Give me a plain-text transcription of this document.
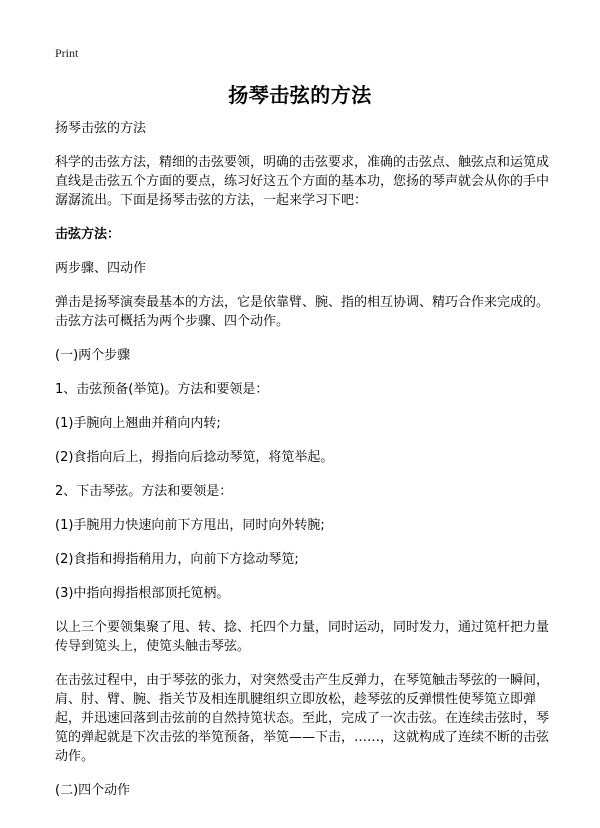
Print
扬琴击弦的方法

扬琴击弦的方法

科学的击弦方法，精细的击弦要领，明确的击弦要求，准确的击弦点、触弦点和运笕成直线是击弦五个方面的要点，练习好这五个方面的基本功，您扬的琴声就会从你的手中潺潺流出。下面是扬琴击弦的方法，一起来学习下吧：

击弦方法：

两步骤、四动作

弹击是扬琴演奏最基本的方法，它是依靠臂、腕、指的相互协调、精巧合作来完成的。击弦方法可概括为两个步骤、四个动作。

(一)两个步骤

1、击弦预备(举笕)。方法和要领是：

(1)手腕向上翘曲并稍向内转;

(2)食指向后上，拇指向后捻动琴笕，将笕举起。

2、下击琴弦。方法和要领是：

(1)手腕用力快速向前下方甩出，同时向外转腕;

(2)食指和拇指稍用力，向前下方捻动琴笕;

(3)中指向拇指根部顶托笕柄。

以上三个要领集聚了甩、转、捻、托四个力量，同时运动，同时发力，通过笕杆把力量传导到笕头上，使笕头触击琴弦。

在击弦过程中，由于琴弦的张力，对突然受击产生反弹力，在琴笕触击琴弦的一瞬间，肩、肘、臂、腕、指关节及相连肌腱组织立即放松，趁琴弦的反弹惯性使琴笕立即弹起，并迅速回落到击弦前的自然持笕状态。至此，完成了一次击弦。在连续击弦时，琴笕的弹起就是下次击弦的举笕预备，举笕——下击，……，这就构成了连续不断的击弦动作。

(二)四个动作
